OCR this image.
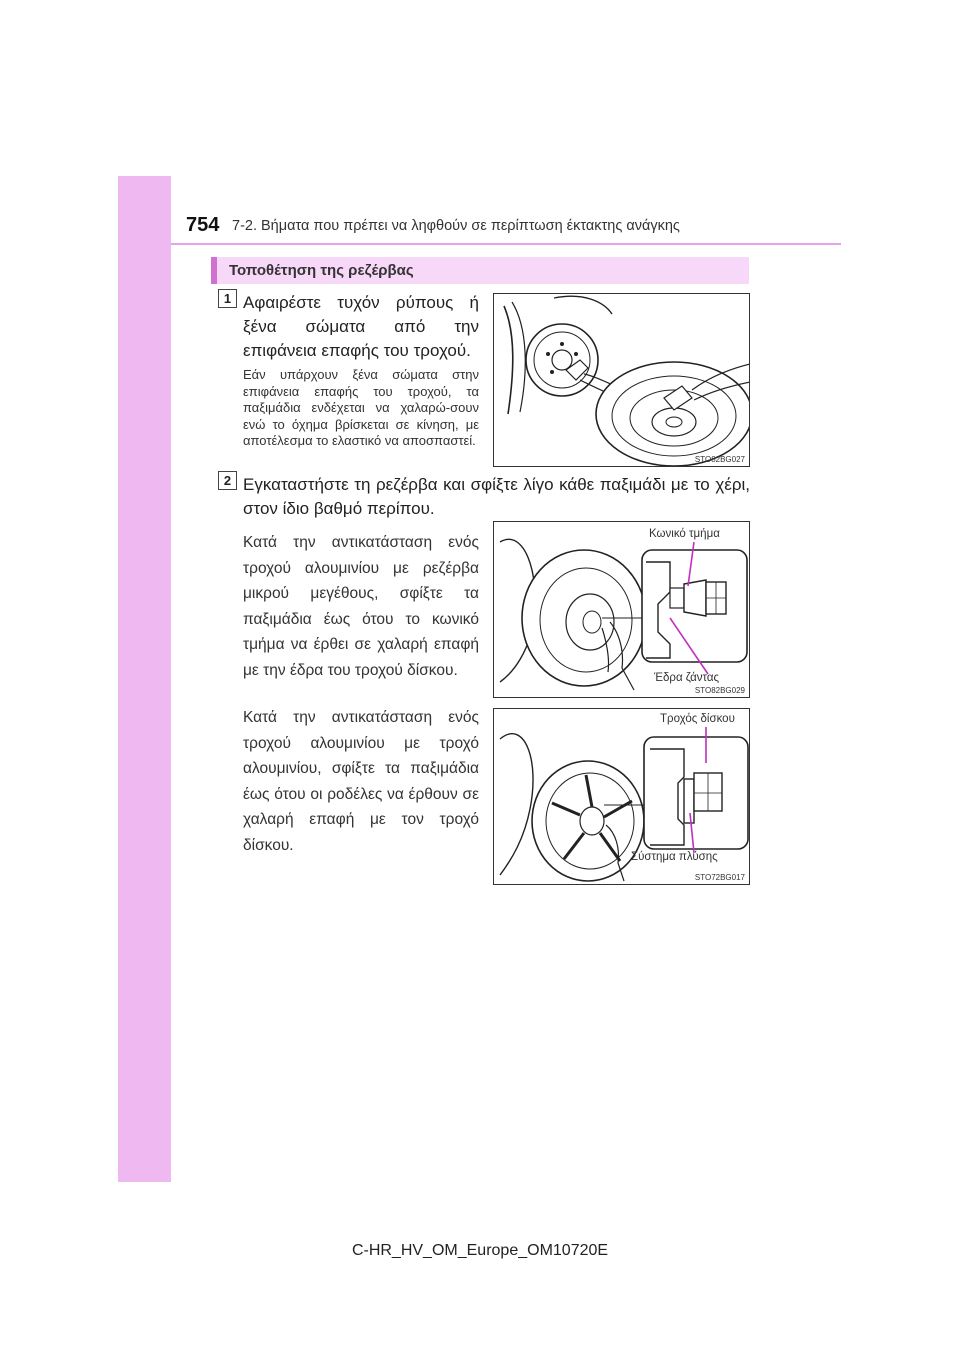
754 7-2. Βήματα που πρέπει να ληφθούν σε περίπτωση έκτακτης ανάγκης
Τοποθέτηση της ρεζέρβας
1 Αφαιρέστε τυχόν ρύπους ή ξένα σώματα από την επιφάνεια επαφής του τροχού.
Εάν υπάρχουν ξένα σώματα στην επιφάνεια επαφής του τροχού, τα παξιμάδια ενδέχεται να χαλαρώ-σουν ενώ το όχημα βρίσκεται σε κίνηση, με αποτέλεσμα το ελαστικό να αποσπαστεί.
STO82BG027
2 Εγκαταστήστε τη ρεζέρβα και σφίξτε λίγο κάθε παξιμάδι με το χέρι, στον ίδιο βαθμό περίπου.
Κατά την αντικατάσταση ενός τροχού αλουμινίου με ρεζέρβα μικρού μεγέθους, σφίξτε τα παξιμάδια έως ότου το κωνικό τμήμα να έρθει σε χαλαρή επαφή με την έδρα του τροχού δίσκου.
Κωνικό τμήμα
Έδρα ζάντας
STO82BG029
Κατά την αντικατάσταση ενός τροχού αλουμινίου με τροχό αλουμινίου, σφίξτε τα παξιμάδια έως ότου οι ροδέλες να έρθουν σε χαλαρή επαφή με τον τροχό δίσκου.
Τροχός δίσκου
Σύστημα πλύσης
STO72BG017
C-HR_HV_OM_Europe_OM10720E
